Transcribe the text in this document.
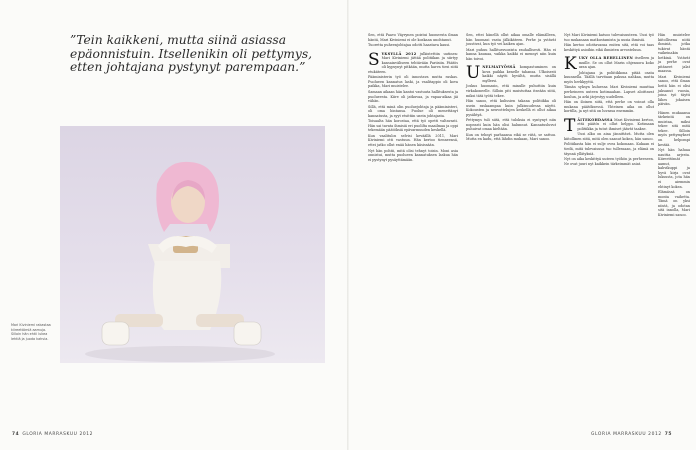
”Tein kaikkeni, mutta siinä asiassa epäonnistuin. Itsellenikin oli pettymys, etten johtajana pystynyt parempaan.”

Mari Kiviniemi rakastaa kiireettömiä aamuja. Silloin hän ehtii lukea lehtiä ja juoda kahvia.

74 GLORIA MARRASKUU 2012

Sen, että Paavo Väyrynen poistui huoneesta ilman häntä, Mari Kiviniemi ei ole koskaan unohtanut.

Tuoretta puheenjohtajaa odotti haastava kausi.

SYKSYLLÄ 2012 julkistettiin uutinen: Mari Kiviniemi jättää politiikan ja siirtyy kansainväliseen tehtävään Pariisiin. Päätös oli kypsynyt pitkään, mutta harva tiesi siitä etukäteen.

Pääministerin työ oli innostava mutta raskas. Puolueen kannatus laski, ja vaalitappio oli kova paikka, Mari muistelee.

Samaan aikaan hän kantoi vastuuta hallituksesta ja puolueesta. Kiire oli jatkuvaa, ja vapaa-aikaa jäi vähän.

Sillä, että minä olin puoluejohtaja ja pääministeri, oli oma hintansa. Puolue oli menettänyt kannatusta, ja syyt etsittiin usein johtajasta.

Toisaalta hän korostaa, että työ opetti valtavasti. Hän sai tavata ihmisiä eri puolilta maailmaa ja oppi tekemään päätöksiä epävarmuuden keskellä.

Kun vaalitulos selvisi keväällä 2011, Mari Kiviniemi otti vastuun. Hän kertoo tienneensä, ettei jatko ollut enää hänen käsissään.

Nyt hän pohtii, mitä olisi tehnyt toisin. Moni asia onnistui, mutta puolueen kannatuksen laskua hän ei pystynyt pysäyttämään.

Sen, ettei hänellä ollut aikaa omalle elämälleen, hän huomasi vasta jälkikäteen. Perhe ja ystävät joustivat, kun työ vei kaiken ajan.

Mari puhuu hallitusvuosista rauhallisesti. Hän ei kanna kaunaa, vaikka kaikki ei mennyt niin kuin hän toivoi.

UNELMATYÖSSÄ kompastuminen on kova paikka kenelle tahansa. Ulkoisesti kaikki näytti hyvältä, mutta sisällä myllersi.

Joskus huomasin, että minulle puhuttiin kuin virkakoneelle. Silloin piti muistuttaa itseään siitä, miksi tätä työtä tekee.

Hän sanoo, että kulissien takana politiikka oli usein raskaampaa kuin julkisuudessa näytti. Kokousten ja neuvottelujen keskellä ei ollut aikaa pysähtyä.

Pettymys tuli siitä, että tuloksia ei syntynyt niin nopeasti kuin hän olisi halunnut. Kannatusluvut puhuivat omaa kieltään.

Kun on tehnyt parhaansa eikä se riitä, se sattuu. Mutta en kadu, että lähdin mukaan, Mari sanoo.

Nyt Mari Kiviniemi katsoo tulevaisuuteen. Uusi työ tuo mukanaan matkustamista ja uusia ihmisiä.

Hän kertoo odottavansa eniten sitä, että voi taas keskittyä asioihin eikä ihmisten arvosteluun.

KUKY OLLA REHELLINEN itselleen ja muille. Se on ollut Marin ohjenuora koko uran ajan.

Johtajana ja poliitikkona pitää osata kuunnella. Täällä tarvitaan paksua nahkaa, mutta myös herkkyyttä.

Tämän syksyn kuluessa Mari Kiviniemi muuttaa perheineen uuteen kotimaahan. Lapset aloittavat koulun, ja arki järjestyy uudelleen.

Hän on iloinen siitä, että perhe on voinut olla mukana päätöksessä. Yhteinen aika on ollut kortilla, ja nyt sitä on luvassa enemmän.

TÄITEKOHDASSA Mari Kiviniemi kertoo, että päätös ei ollut helppo. Kotimaan politiikka ja tutut ihmiset jäävät taakse.

Uusi alku on aina jännittävä. Mutta olen kiitollinen siitä, mitä olen saanut kokea, hän sanoo.

Politiikasta hän ei sulje ovea kokonaan. Kukaan ei tiedä, mitä tulevaisuus tuo tullessaan, ja elämä on täynnä yllätyksiä.

Nyt on aika keskittyä uuteen työhön ja perheeseen. Ne ovat juuri nyt kaikkein tärkeimmät asiat.

Hän muistelee kiitollisena niitä ihmisiä, jotka tukivat häntä vaikeinakin hetkinä. Ystävät ja perhe ovat pitäneet jalat maassa.

Mari Kiviniemi sanoo, että ilman heitä hän ei olisi jaksanut vuosia, joina työ täytti lähes jokaisen päivän.

Hänen mukaansa tärkeintä on muistaa, miksi tekee sitä mitä tekee. Silloin myös pettymykset on helpompi kestää.

Nyt hän haluaa nauttia arjesta. Kiireettömät aamut, kahvikuppi ja hyvä kirja ovat luksusta, jota hän ei aiemmin ehtinyt kokea.

Elämässä on monta vaihetta. Tämä on yksi niistä, ja odotan sitä innolla, Mari Kiviniemi sanoo.

GLORIA MARRASKUU 2012 75
